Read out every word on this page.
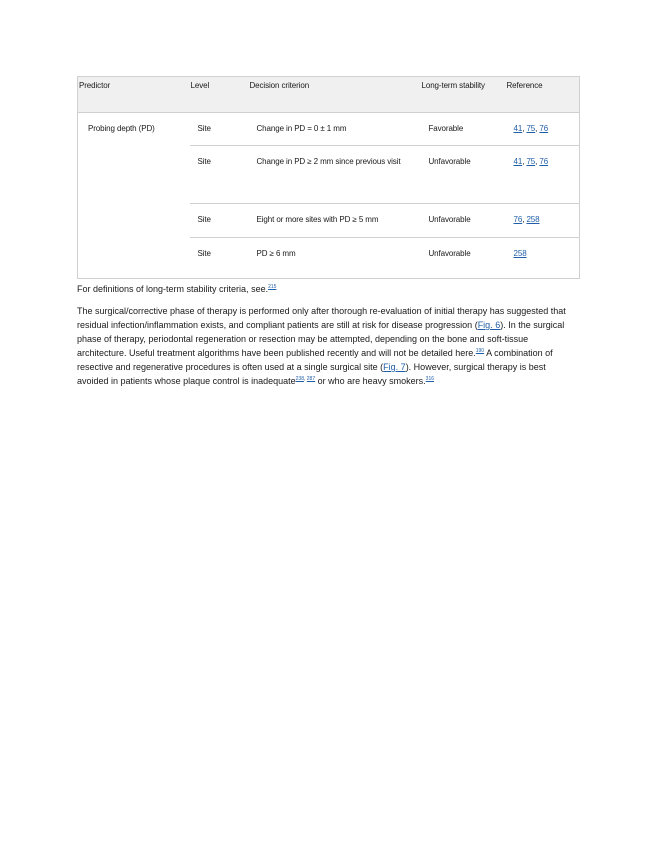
Predictor	Level	Decision criterion	Long-term stability	Reference
Probing depth (PD)	Site	Change in PD = 0 ± 1 mm	Favorable	41, 75, 76
	Site	Change in PD ≥ 2 mm since previous visit	Unfavorable	41, 75, 76
	Site	Eight or more sites with PD ≥ 5 mm	Unfavorable	76, 258
	Site	PD ≥ 6 mm	Unfavorable	258

For definitions of long-term stability criteria, see.$^{215}$

The surgical/corrective phase of therapy is performed only after thorough re-evaluation of initial therapy has suggested that residual infection/inflammation exists, and compliant patients are still at risk for disease progression (Fig. 6). In the surgical phase of therapy, periodontal regeneration or resection may be attempted, depending on the bone and soft-tissue architecture. Useful treatment algorithms have been published recently and will not be detailed here.$^{190}$ A combination of resective and regenerative procedures is often used at a single surgical site (Fig. 7). However, surgical therapy is best avoided in patients whose plaque control is inadequate$^{238, 287}$ or who are heavy smokers.$^{316}$
